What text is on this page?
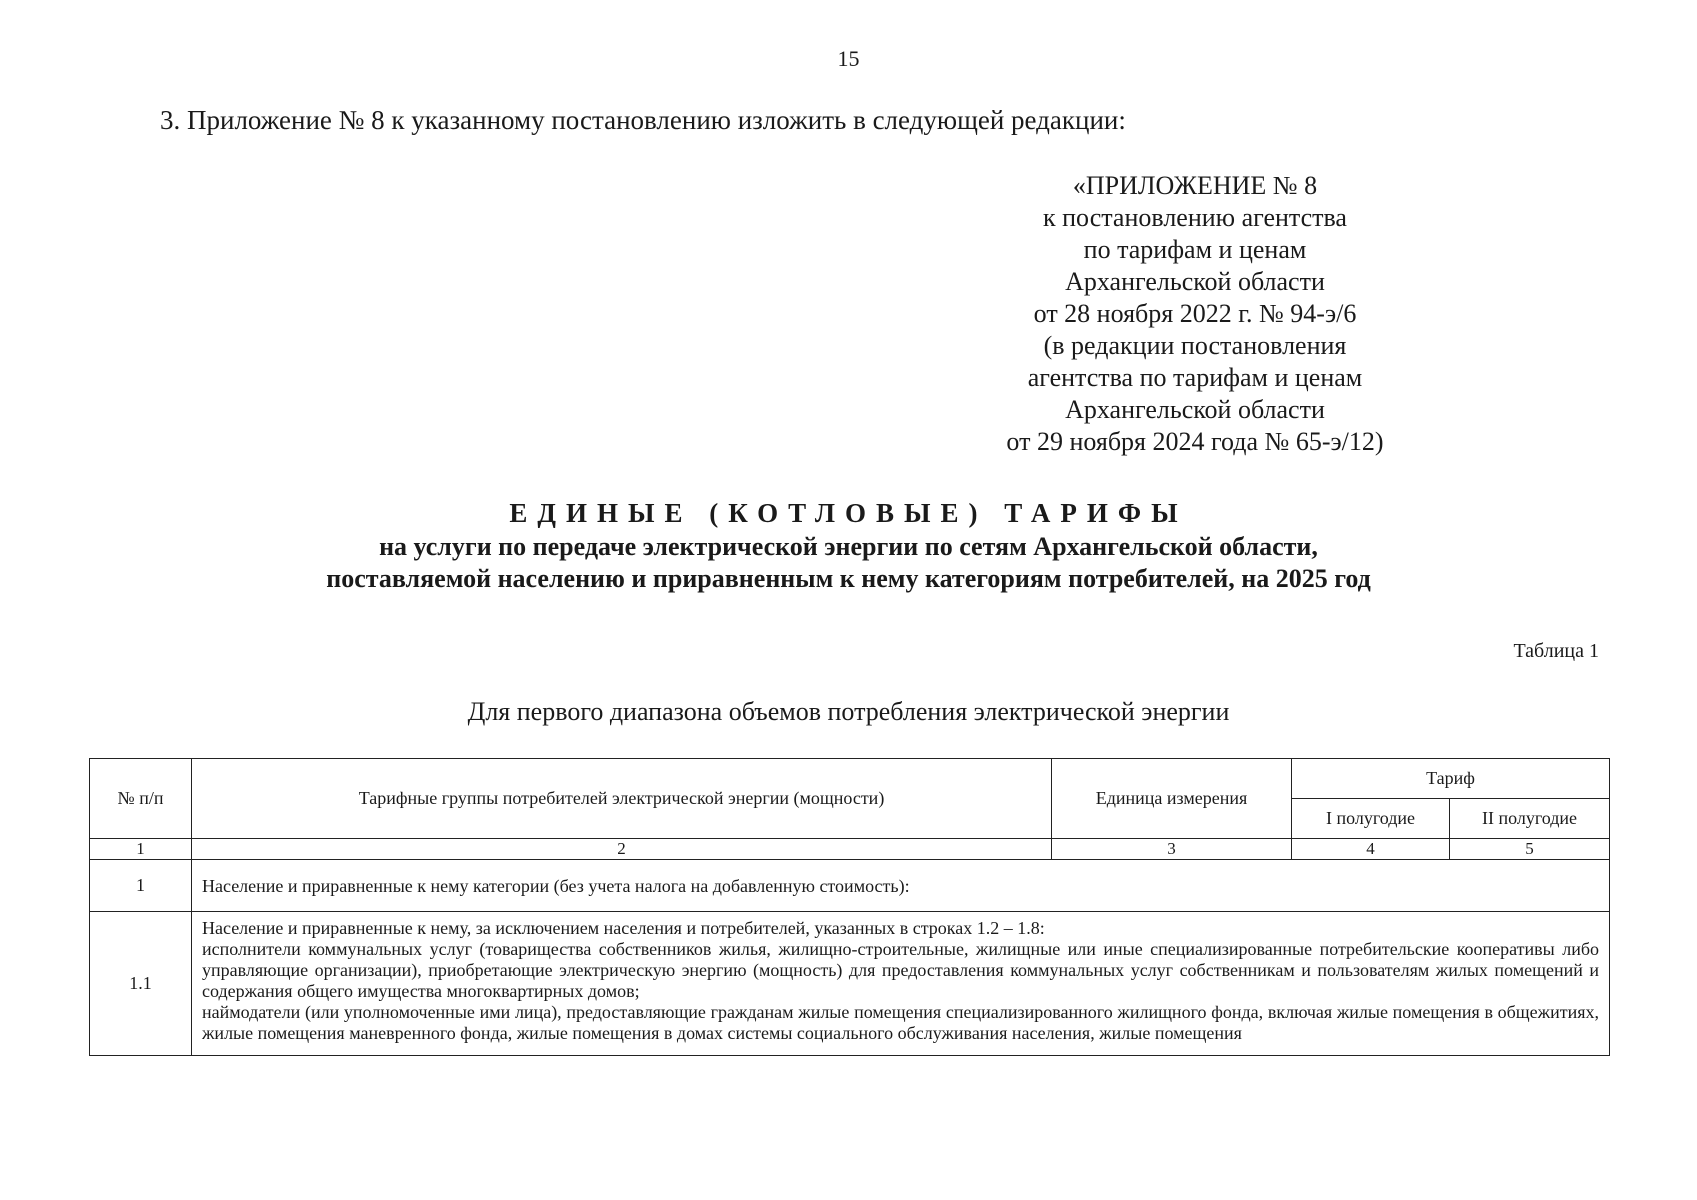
15
3. Приложение № 8 к указанному постановлению изложить в следующей редакции:
«ПРИЛОЖЕНИЕ № 8
к постановлению агентства
по тарифам и ценам
Архангельской области
от 28 ноября 2022 г. № 94-э/6
(в редакции постановления
агентства по тарифам и ценам
Архангельской области
от 29 ноября 2024 года № 65-э/12)
ЕДИНЫЕ (КОТЛОВЫЕ) ТАРИФЫ
на услуги по передаче электрической энергии по сетям Архангельской области,
поставляемой населению и приравненным к нему категориям потребителей, на 2025 год
Таблица 1
Для первого диапазона объемов потребления электрической энергии
№ п/п	Тарифные группы потребителей электрической энергии (мощности)	Единица измерения	Тариф	
			I полугодие	II полугодие
1	2	3	4	5
1	Население и приравненные к нему категории (без учета налога на добавленную стоимость):			
1.1	Население и приравненные к нему, за исключением населения и потребителей, указанных в строках 1.2 – 1.8:
исполнители коммунальных услуг (товарищества собственников жилья, жилищно-строительные, жилищные или иные специализированные потребительские кооперативы либо управляющие организации), приобретающие электрическую энергию (мощность) для предоставления коммунальных услуг собственникам и пользователям жилых помещений и содержания общего имущества многоквартирных домов;
наймодатели (или уполномоченные ими лица), предоставляющие гражданам жилые помещения специализированного жилищного фонда, включая жилые помещения в общежитиях, жилые помещения маневренного фонда, жилые помещения в домах системы социального обслуживания населения, жилые помещения			
